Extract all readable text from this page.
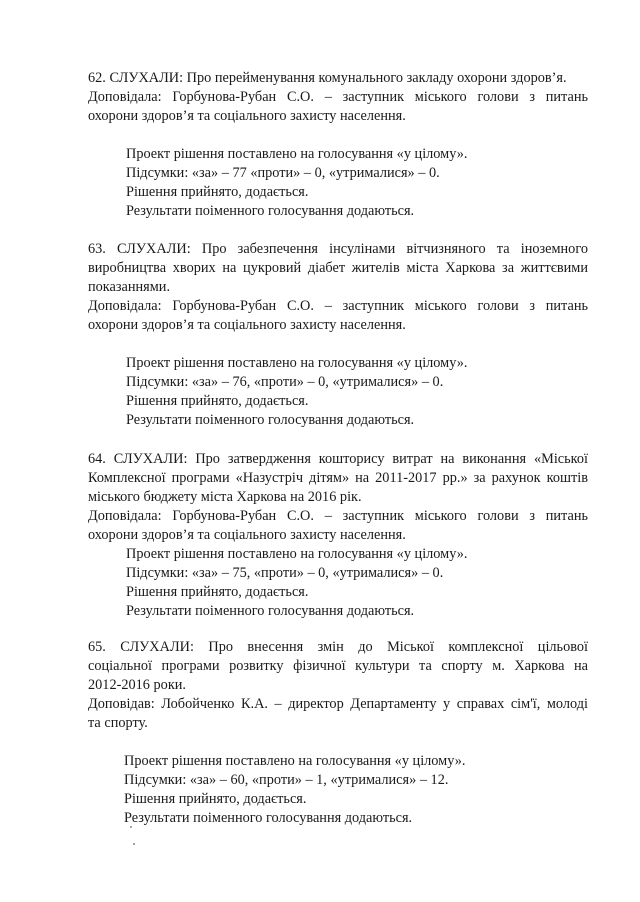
62. СЛУХАЛИ: Про перейменування комунального закладу охорони здоров’я.
Доповідала: Горбунова-Рубан С.О. – заступник міського голови з питань
охорони здоров’я та соціального захисту населення.
Проект рішення поставлено на голосування «у цілому».
Підсумки: «за» – 77 «проти» – 0, «утрималися» – 0.
Рішення прийнято, додається.
Результати поіменного голосування додаються.
63. СЛУХАЛИ: Про забезпечення інсулінами вітчизняного та іноземного
виробництва хворих на цукровий діабет жителів міста Харкова за життєвими
показаннями.
Доповідала: Горбунова-Рубан С.О. – заступник міського голови з питань
охорони здоров’я та соціального захисту населення.
Проект рішення поставлено на голосування «у цілому».
Підсумки: «за» – 76, «проти» – 0, «утрималися» – 0.
Рішення прийнято, додається.
Результати поіменного голосування додаються.
64. СЛУХАЛИ: Про затвердження кошторису витрат на виконання «Міської
Комплексної програми «Назустріч дітям» на 2011-2017 рр.» за рахунок коштів
міського бюджету міста Харкова на 2016 рік.
Доповідала: Горбунова-Рубан С.О. – заступник міського голови з питань
охорони здоров’я та соціального захисту населення.
Проект рішення поставлено на голосування «у цілому».
Підсумки: «за» – 75, «проти» – 0, «утрималися» – 0.
Рішення прийнято, додається.
Результати поіменного голосування додаються.
65. СЛУХАЛИ: Про внесення змін до Міської комплексної цільової
соціальної програми розвитку фізичної культури та спорту м. Харкова на
2012-2016 роки.
Доповідав: Лобойченко К.А. – директор Департаменту у справах сім'ї, молоді
та спорту.
Проект рішення поставлено на голосування «у цілому».
Підсумки: «за» – 60, «проти» – 1, «утрималися» – 12.
Рішення прийнято, додається.
Результати поіменного голосування додаються.
